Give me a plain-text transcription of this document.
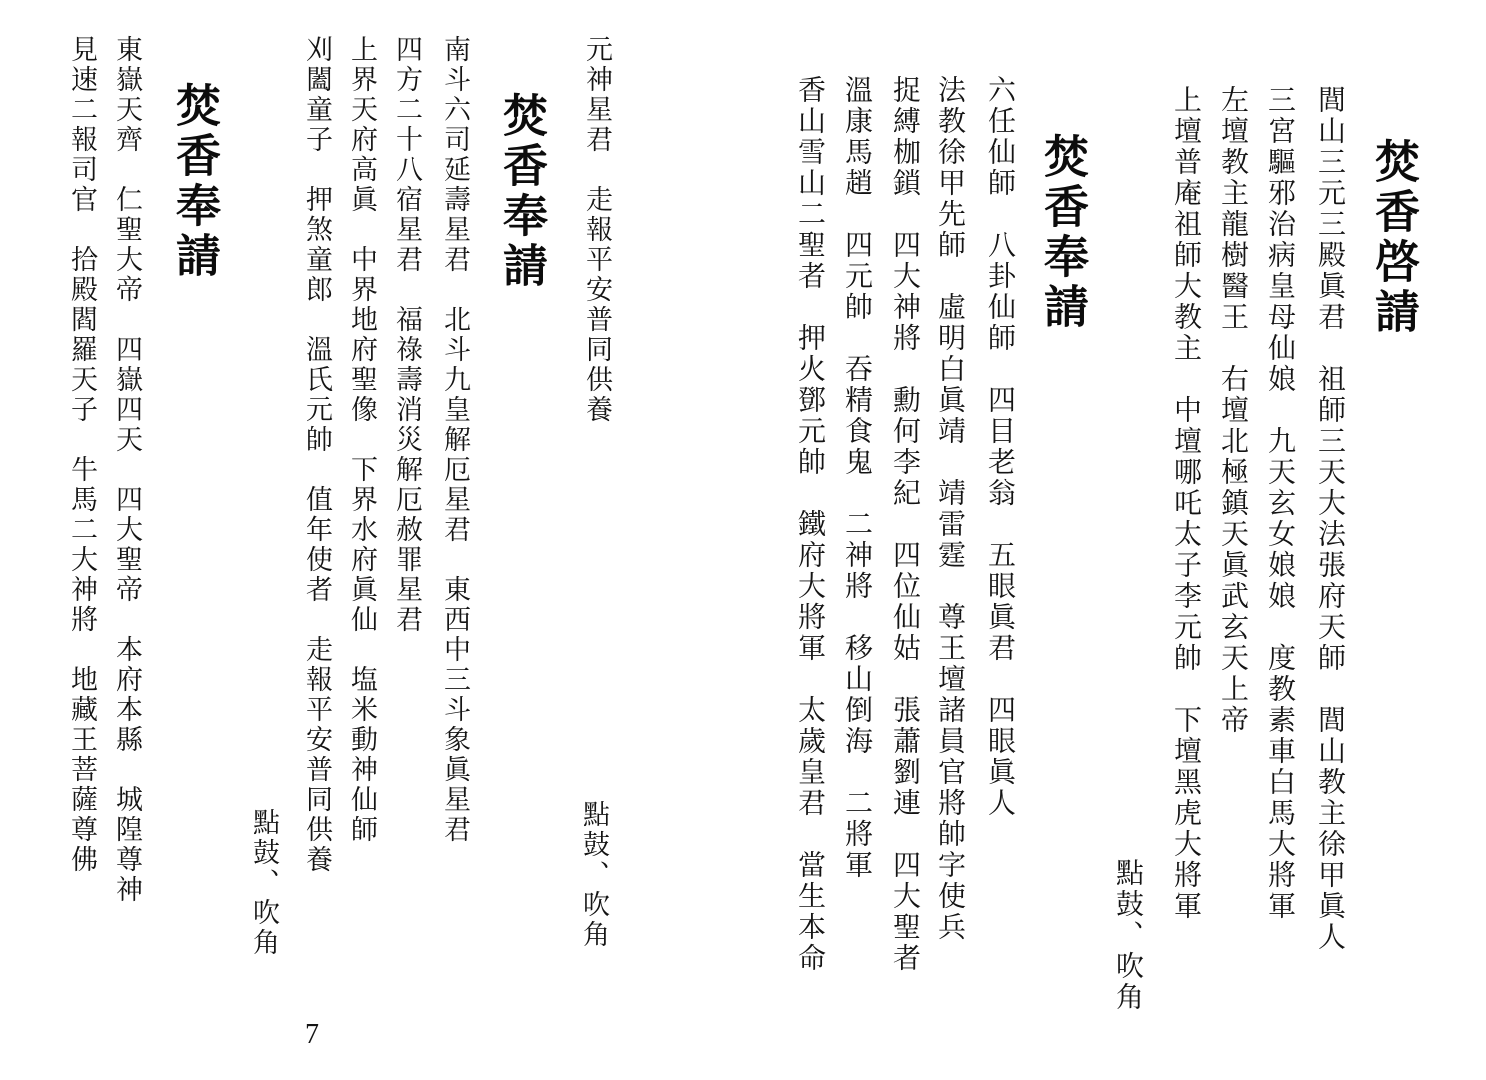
元神星君　走報平安普同供養
點鼓、吹角
焚香奉請
南斗六司延壽星君　北斗九皇解厄星君　東西中三斗象眞星君
四方二十八宿星君　福祿壽消災解厄赦罪星君
上界天府高眞　中界地府聖像　下界水府眞仙　塩米動神仙師
刈闔童子　押煞童郎　溫氏元帥　值年使者　走報平安普同供養
點鼓、吹角
焚香奉請
東嶽天齊　仁聖大帝　四嶽四天　四大聖帝　本府本縣　城隍尊神
見速二報司官　拾殿閻羅天子　牛馬二大神將　地藏王菩薩尊佛
7
焚香啓請
閭山三元三殿眞君　祖師三天大法張府天師　閭山教主徐甲眞人
三宮驅邪治病皇母仙娘　九天玄女娘娘　度教素車白馬大將軍
左壇教主龍樹醫王　右壇北極鎮天眞武玄天上帝
上壇普庵祖師大教主　中壇哪吒太子李元帥　下壇黑虎大將軍
點鼓、吹角
焚香奉請
六任仙師　八卦仙師　四目老翁　五眼眞君　四眼眞人
法教徐甲先師　虛明白眞靖　靖雷霆　尊王壇諸員官將帥字使兵
捉縛枷鎖　四大神將　勳何李紀　四位仙姑　張蕭劉連　四大聖者
溫康馬趙　四元帥　吞精食鬼　二神將　移山倒海　二將軍
香山雪山二聖者　押火鄧元帥　鐵府大將軍　太歲皇君　當生本命
